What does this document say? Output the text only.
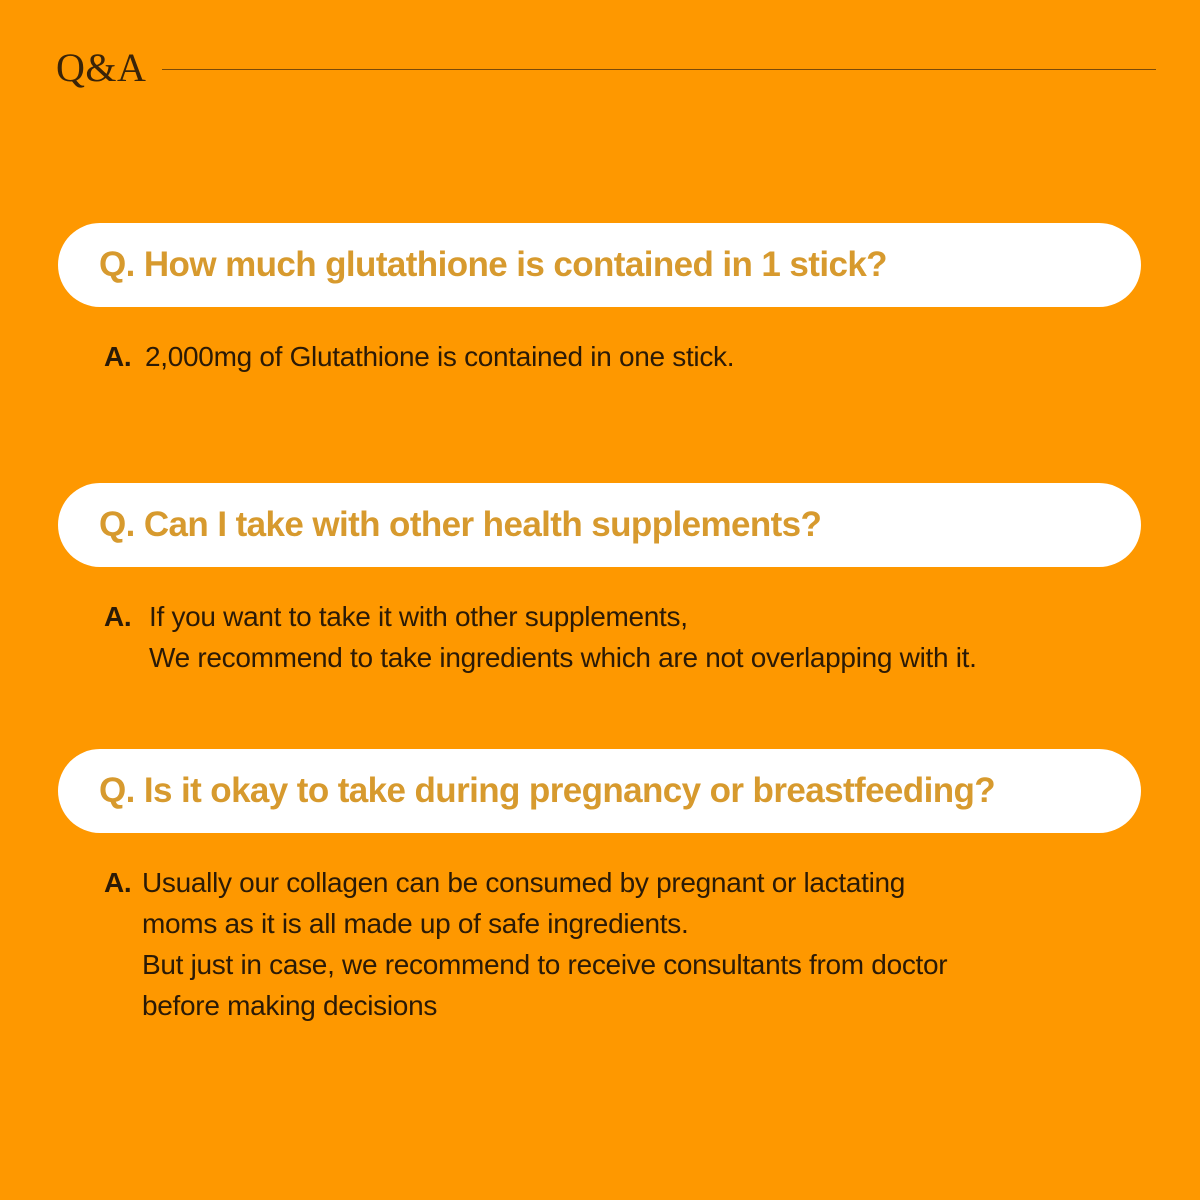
Q&A
Q. How much glutathione is contained in 1 stick?
A. 2,000mg of Glutathione is contained in one stick.
Q. Can I take with other health supplements?
A. If you want to take it with other supplements,
We recommend to take ingredients which are not overlapping with it.
Q. Is it okay to take during pregnancy or breastfeeding?
A. Usually our collagen can be consumed by pregnant or lactating
moms as it is all made up of safe ingredients.
But just in case, we recommend to receive consultants from doctor
before making decisions
